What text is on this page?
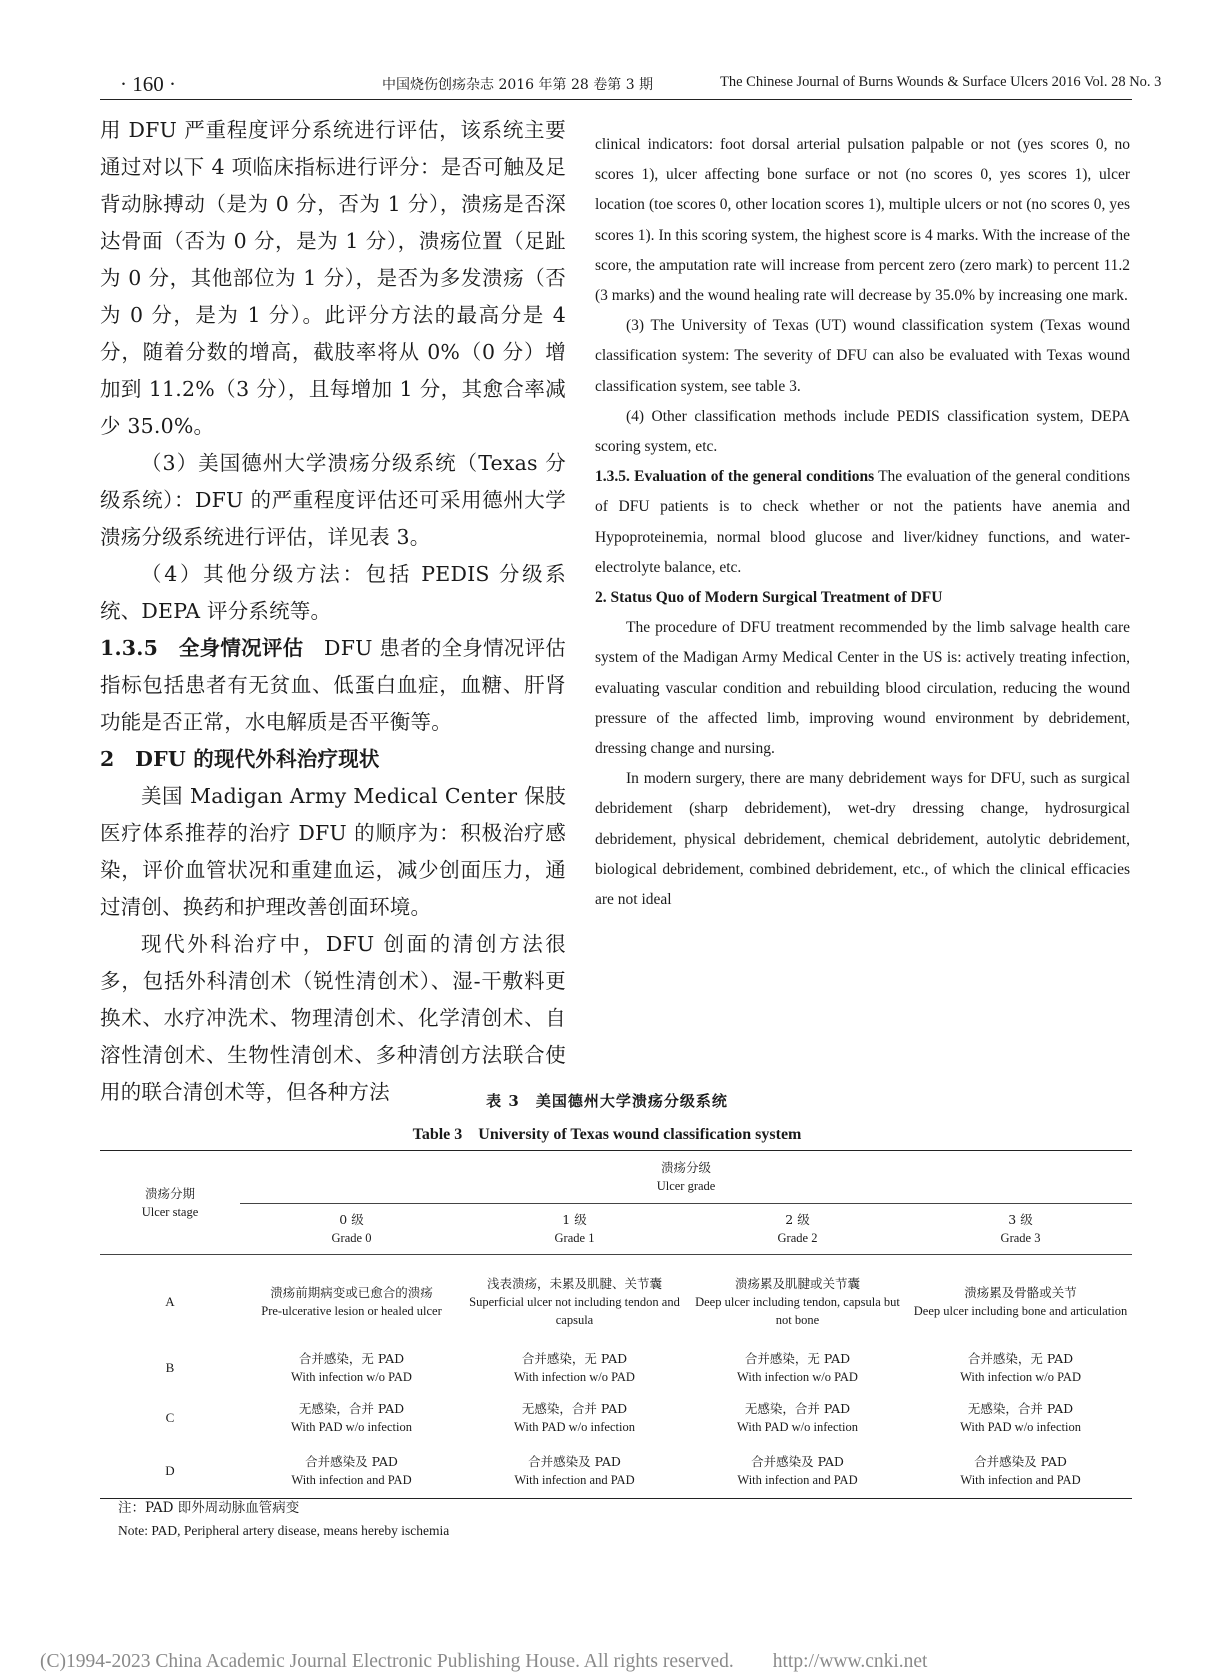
· 160 ·	中国烧伤创疡杂志 2016 年第 28 卷第 3 期	The Chinese Journal of Burns Wounds & Surface Ulcers 2016 Vol. 28 No. 3

用 DFU 严重程度评分系统进行评估，该系统主要通过对以下 4 项临床指标进行评分：是否可触及足背动脉搏动（是为 0 分，否为 1 分），溃疡是否深达骨面（否为 0 分，是为 1 分），溃疡位置（足趾为 0 分，其他部位为 1 分），是否为多发溃疡（否为 0 分，是为 1 分）。此评分方法的最高分是 4 分，随着分数的增高，截肢率将从 0%（0 分）增加到 11.2%（3 分），且每增加 1 分，其愈合率减少 35.0%。

（3）美国德州大学溃疡分级系统（Texas 分级系统）：DFU 的严重程度评估还可采用德州大学溃疡分级系统进行评估，详见表 3。

（4）其他分级方法：包括 PEDIS 分级系统、DEPA 评分系统等。

1.3.5　全身情况评估　DFU 患者的全身情况评估指标包括患者有无贫血、低蛋白血症，血糖、肝肾功能是否正常，水电解质是否平衡等。

2　DFU 的现代外科治疗现状

美国 Madigan Army Medical Center 保肢医疗体系推荐的治疗 DFU 的顺序为：积极治疗感染，评价血管状况和重建血运，减少创面压力，通过清创、换药和护理改善创面环境。

现代外科治疗中，DFU 创面的清创方法很多，包括外科清创术（锐性清创术）、湿-干敷料更换术、水疗冲洗术、物理清创术、化学清创术、自溶性清创术、生物性清创术、多种清创方法联合使用的联合清创术等，但各种方法

clinical indicators: foot dorsal arterial pulsation palpable or not (yes scores 0, no scores 1), ulcer affecting bone surface or not (no scores 0, yes scores 1), ulcer location (toe scores 0, other location scores 1), multiple ulcers or not (no scores 0, yes scores 1). In this scoring system, the highest score is 4 marks. With the increase of the score, the amputation rate will increase from percent zero (zero mark) to percent 11.2 (3 marks) and the wound healing rate will decrease by 35.0% by increasing one mark.

(3) The University of Texas (UT) wound classification system (Texas wound classification system: The severity of DFU can also be evaluated with Texas wound classification system, see table 3.

(4) Other classification methods include PEDIS classification system, DEPA scoring system, etc.

1.3.5. Evaluation of the general conditions The evaluation of the general conditions of DFU patients is to check whether or not the patients have anemia and Hypoproteinemia, normal blood glucose and liver/kidney functions, and water-electrolyte balance, etc.

2. Status Quo of Modern Surgical Treatment of DFU

The procedure of DFU treatment recommended by the limb salvage health care system of the Madigan Army Medical Center in the US is: actively treating infection, evaluating vascular condition and rebuilding blood circulation, reducing the wound pressure of the affected limb, improving wound environment by debridement, dressing change and nursing.

In modern surgery, there are many debridement ways for DFU, such as surgical debridement (sharp debridement), wet-dry dressing change, hydrosurgical debridement, physical debridement, chemical debridement, autolytic debridement, biological debridement, combined debridement, etc., of which the clinical efficacies are not ideal

表 3　美国德州大学溃疡分级系统
Table 3　University of Texas wound classification system
溃疡分期
Ulcer stage	溃疡分级
Ulcer grade			

	0 级
Grade 0	1 级
Grade 1	2 级
Grade 2	3 级
Grade 3

A	溃疡前期病变或已愈合的溃疡
Pre-ulcerative lesion or healed ulcer	浅表溃疡，未累及肌腱、关节囊
Superficial ulcer not including tendon and capsula	溃疡累及肌腱或关节囊
Deep ulcer including tendon, capsula but not bone	溃疡累及骨骼或关节
Deep ulcer including bone and articulation

B	合并感染，无 PAD
With infection w/o PAD	合并感染，无 PAD
With infection w/o PAD	合并感染，无 PAD
With infection w/o PAD	合并感染，无 PAD
With infection w/o PAD

C	无感染，合并 PAD
With PAD w/o infection	无感染，合并 PAD
With PAD w/o infection	无感染，合并 PAD
With PAD w/o infection	无感染，合并 PAD
With PAD w/o infection

D	合并感染及 PAD
With infection and PAD	合并感染及 PAD
With infection and PAD	合并感染及 PAD
With infection and PAD	合并感染及 PAD
With infection and PAD
注：PAD 即外周动脉血管病变
Note: PAD, Peripheral artery disease, means hereby ischemia
(C)1994-2023 China Academic Journal Electronic Publishing House. All rights reserved.　　http://www.cnki.net
